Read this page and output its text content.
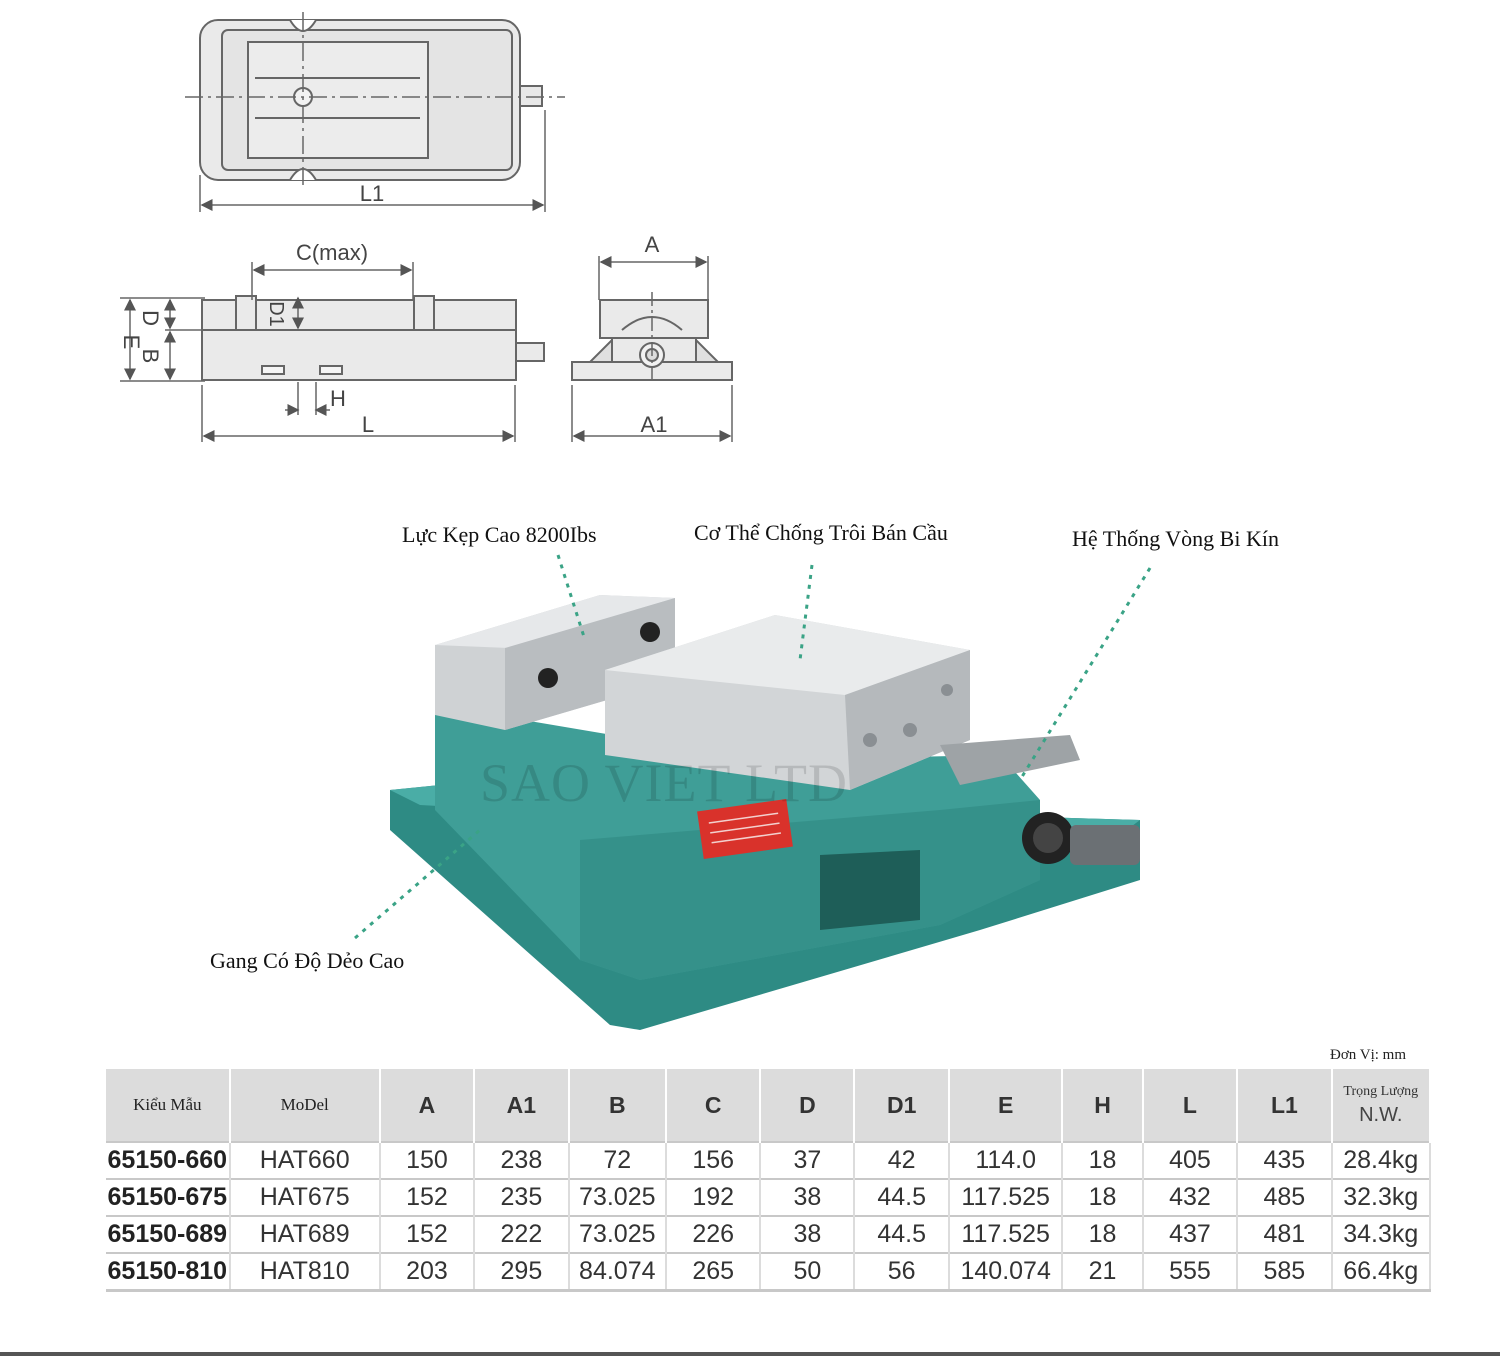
L1
C(max)
E
D
B
D1
H
L
A
A1
Lực Kẹp Cao 8200Ibs	Cơ Thể Chống Trôi Bán Cầu	Hệ Thống Vòng Bi Kín
Gang Có Độ Dẻo Cao
SAO VIET LTD
Đơn Vị: mm
Kiểu Mẫu	MoDel	A	A1	B	C	D	D1	E	H	L	L1	Trọng Lượng
N.W.

65150-660	HAT660	150	238	72	156	37	42	114.0	18	405	435	28.4kg
65150-675	HAT675	152	235	73.025	192	38	44.5	117.525	18	432	485	32.3kg
65150-689	HAT689	152	222	73.025	226	38	44.5	117.525	18	437	481	34.3kg
65150-810	HAT810	203	295	84.074	265	50	56	140.074	21	555	585	66.4kg
